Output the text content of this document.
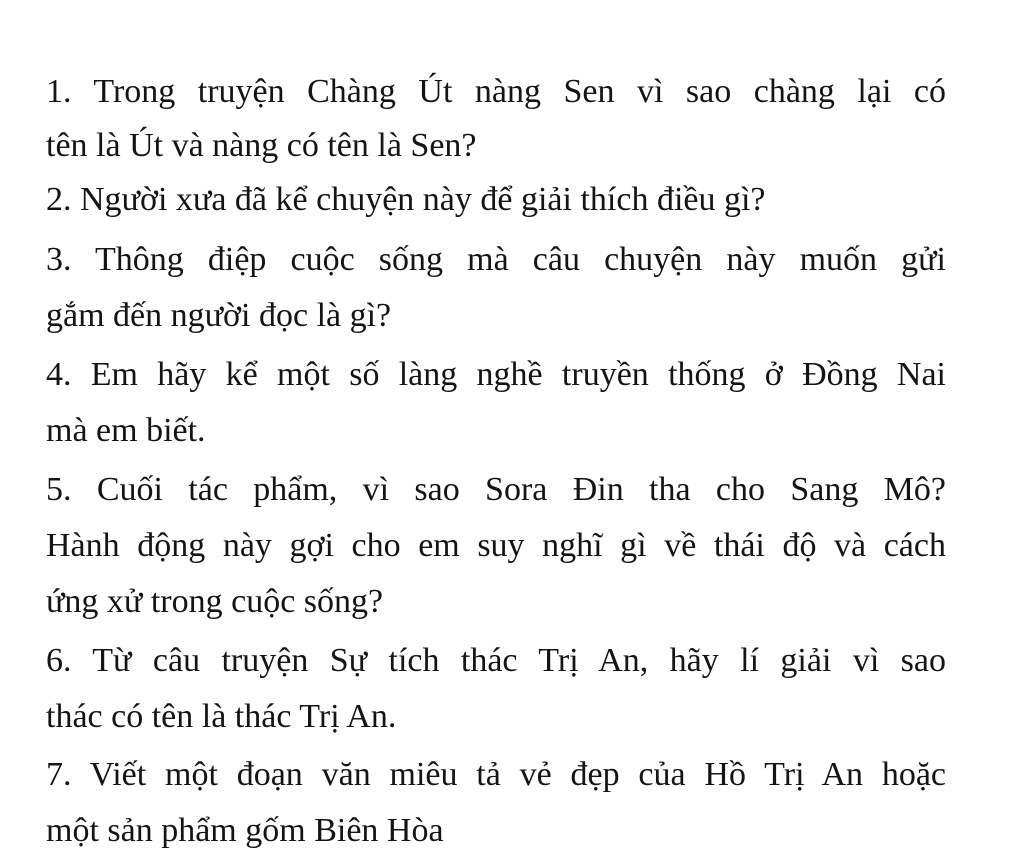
1. Trong truyện Chàng Út nàng Sen vì sao chàng lại có

tên là Út và nàng có tên là Sen?

2. Người xưa đã kể chuyện này để giải thích điều gì?

3. Thông điệp cuộc sống mà câu chuyện này muốn gửi

gắm đến người đọc là gì?

4. Em hãy kể một số làng nghề truyền thống ở Đồng Nai

mà em biết.

5. Cuối tác phẩm, vì sao Sora Đin tha cho Sang Mô?

Hành động này gợi cho em suy nghĩ gì về thái độ và cách

ứng xử trong cuộc sống?

6. Từ câu truyện Sự tích thác Trị An, hãy lí giải vì sao

thác có tên là thác Trị An.

7. Viết một đoạn văn miêu tả vẻ đẹp của Hồ Trị An hoặc

một sản phẩm gốm Biên Hòa
